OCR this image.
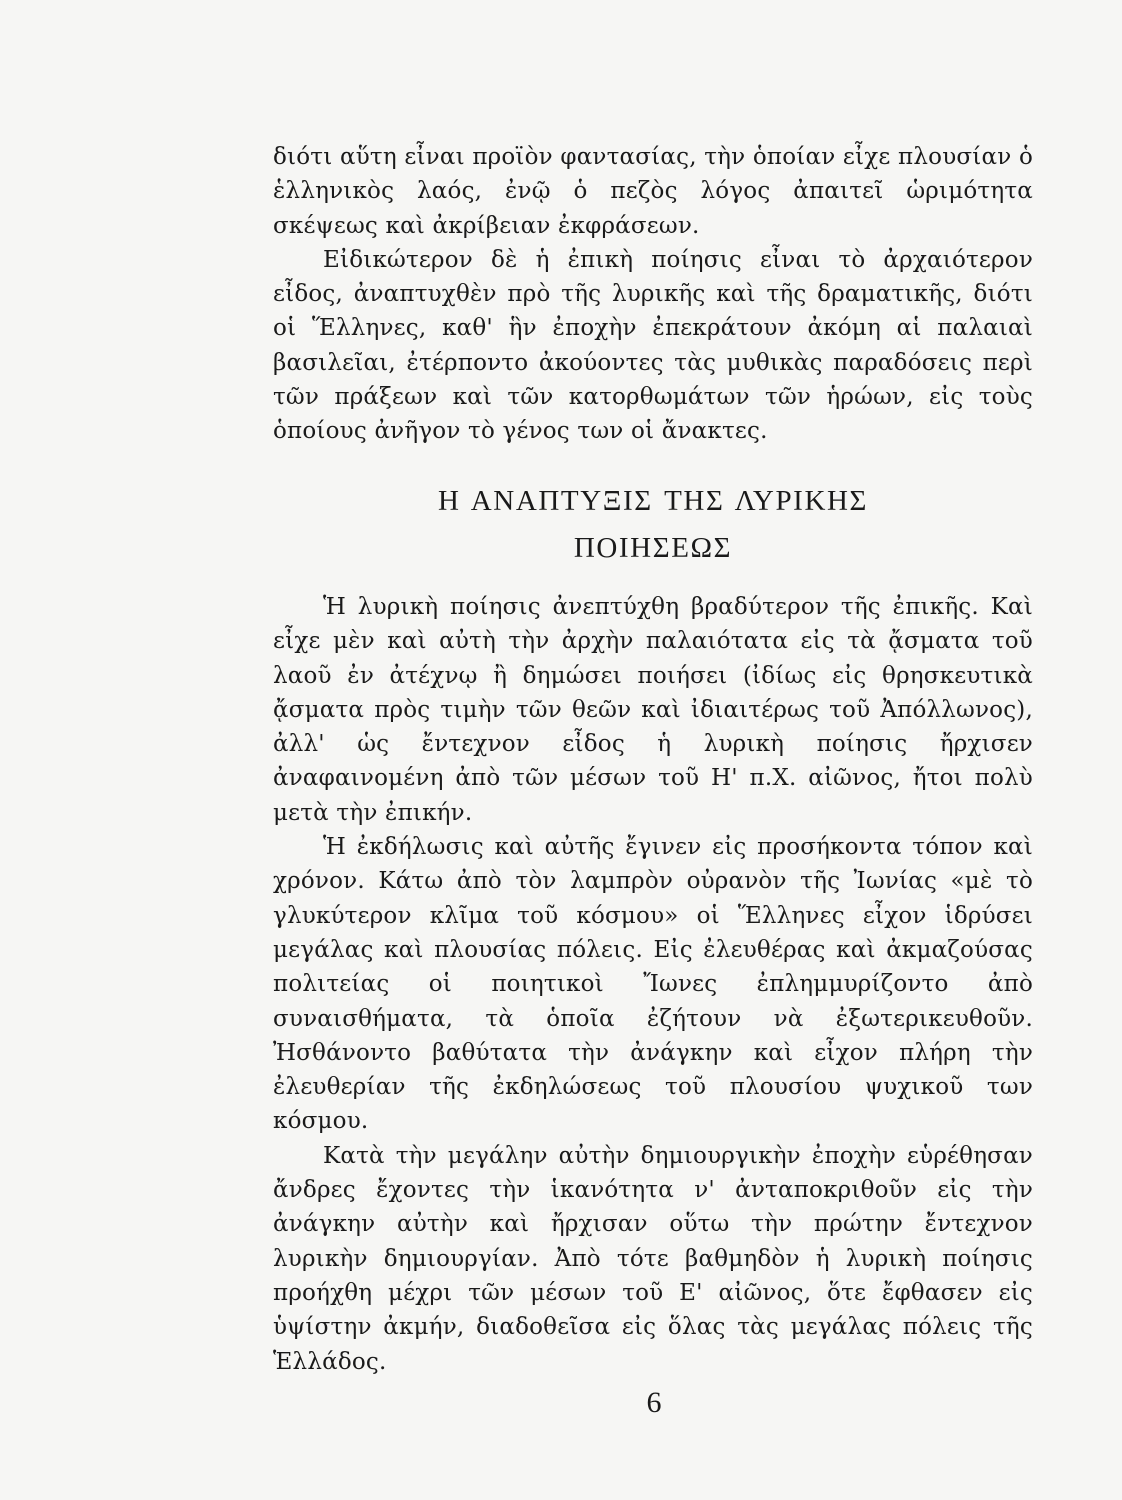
διότι αὕτη εἶναι προϊὸν φαντασίας, τὴν ὁποίαν εἶχε πλουσίαν ὁ ἑλληνικὸς λαός, ἐνῷ ὁ πεζὸς λόγος ἀπαιτεῖ ὡριμότητα σκέψεως καὶ ἀκρίβειαν ἐκφράσεων.

Εἰδικώτερον δὲ ἡ ἐπικὴ ποίησις εἶναι τὸ ἀρχαιότερον εἶδος, ἀναπτυχθὲν πρὸ τῆς λυρικῆς καὶ τῆς δραματικῆς, διότι οἱ Ἕλληνες, καθ' ἣν ἐποχὴν ἐπεκράτουν ἀκόμη αἱ παλαιαὶ βασιλεῖαι, ἐτέρποντο ἀκούοντες τὰς μυθικὰς παραδόσεις περὶ τῶν πράξεων καὶ τῶν κατορθωμάτων τῶν ἡρώων, εἰς τοὺς ὁποίους ἀνῆγον τὸ γένος των οἱ ἄνακτες.

Η ΑΝΑΠΤΥΞΙΣ ΤΗΣ ΛΥΡΙΚΗΣ
ΠΟΙΗΣΕΩΣ

Ἡ λυρικὴ ποίησις ἀνεπτύχθη βραδύτερον τῆς ἐπικῆς. Καὶ εἶχε μὲν καὶ αὐτὴ τὴν ἀρχὴν παλαιότατα εἰς τὰ ᾄσματα τοῦ λαοῦ ἐν ἀτέχνῳ ἢ δημώσει ποιήσει (ἰδίως εἰς θρησκευτικὰ ᾄσματα πρὸς τιμὴν τῶν θεῶν καὶ ἰδιαιτέρως τοῦ Ἀπόλλωνος), ἀλλ' ὡς ἔντεχνον εἶδος ἡ λυρικὴ ποίησις ἤρχισεν ἀναφαινομένη ἀπὸ τῶν μέσων τοῦ Η' π.Χ. αἰῶνος, ἤτοι πολὺ μετὰ τὴν ἐπικήν.

Ἡ ἐκδήλωσις καὶ αὐτῆς ἔγινεν εἰς προσήκοντα τόπον καὶ χρόνον. Κάτω ἀπὸ τὸν λαμπρὸν οὐρανὸν τῆς Ἰωνίας «μὲ τὸ γλυκύτερον κλῖμα τοῦ κόσμου» οἱ Ἕλληνες εἶχον ἱδρύσει μεγάλας καὶ πλουσίας πόλεις. Εἰς ἐλευθέρας καὶ ἀκμαζούσας πολιτείας οἱ ποιητικοὶ Ἴωνες ἐπλημμυρίζοντο ἀπὸ συναισθήματα, τὰ ὁποῖα ἐζήτουν νὰ ἐξωτερικευθοῦν. Ἠσθάνοντο βαθύτατα τὴν ἀνάγκην καὶ εἶχον πλήρη τὴν ἐλευθερίαν τῆς ἐκδηλώσεως τοῦ πλουσίου ψυχικοῦ των κόσμου.

Κατὰ τὴν μεγάλην αὐτὴν δημιουργικὴν ἐποχὴν εὑρέθησαν ἄνδρες ἔχοντες τὴν ἱκανότητα ν' ἀνταποκριθοῦν εἰς τὴν ἀνάγκην αὐτὴν καὶ ἤρχισαν οὕτω τὴν πρώτην ἔντεχνον λυρικὴν δημιουργίαν. Ἀπὸ τότε βαθμηδὸν ἡ λυρικὴ ποίησις προήχθη μέχρι τῶν μέσων τοῦ Ε' αἰῶνος, ὅτε ἔφθασεν εἰς ὑψίστην ἀκμήν, διαδοθεῖσα εἰς ὅλας τὰς μεγάλας πόλεις τῆς Ἑλλάδος.

6
